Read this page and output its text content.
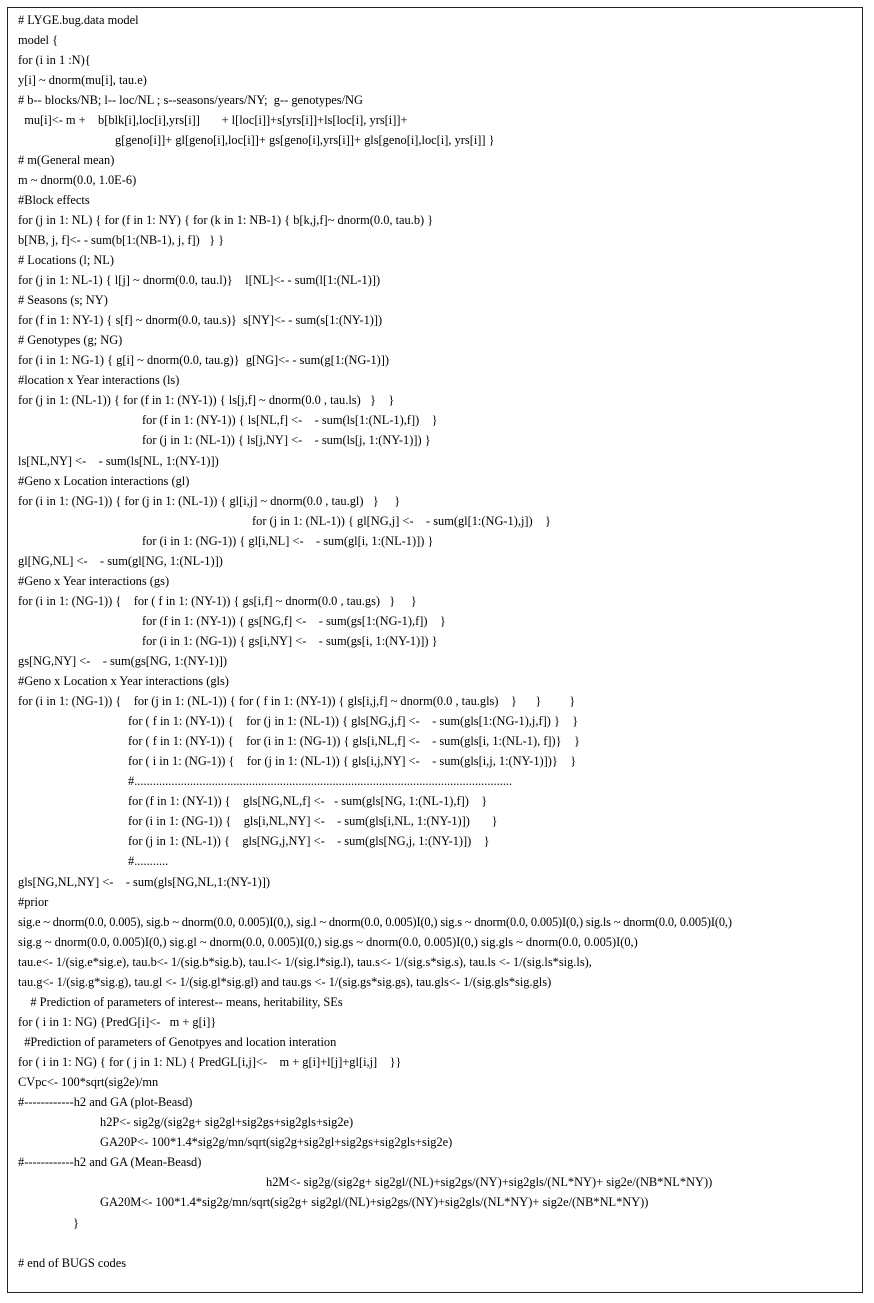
# LYGE.bug.data model
model {
for (i in 1 :N){
y[i] ~ dnorm(mu[i], tau.e)
# b-- blocks/NB; l-- loc/NL ; s--seasons/years/NY;  g-- genotypes/NG
mu[i]<- m +    b[blk[i],loc[i],yrs[i]]       + l[loc[i]]+s[yrs[i]]+ls[loc[i], yrs[i]]+
g[geno[i]]+ gl[geno[i],loc[i]]+ gs[geno[i],yrs[i]]+ gls[geno[i],loc[i], yrs[i]] }
# m(General mean)
m ~ dnorm(0.0, 1.0E-6)
#Block effects
for (j in 1: NL) { for (f in 1: NY) { for (k in 1: NB-1) { b[k,j,f]~ dnorm(0.0, tau.b) }
b[NB, j, f]<- - sum(b[1:(NB-1), j, f])   } }
# Locations (l; NL)
for (j in 1: NL-1) { l[j] ~ dnorm(0.0, tau.l)}    l[NL]<- - sum(l[1:(NL-1)])
# Seasons (s; NY)
for (f in 1: NY-1) { s[f] ~ dnorm(0.0, tau.s)}  s[NY]<- - sum(s[1:(NY-1)])
# Genotypes (g; NG)
for (i in 1: NG-1) { g[i] ~ dnorm(0.0, tau.g)}  g[NG]<- - sum(g[1:(NG-1)])
#location x Year interactions (ls)
for (j in 1: (NL-1)) { for (f in 1: (NY-1)) { ls[j,f] ~ dnorm(0.0 , tau.ls)   }    }
for (f in 1: (NY-1)) { ls[NL,f] <-    - sum(ls[1:(NL-1),f])    }
for (j in 1: (NL-1)) { ls[j,NY] <-    - sum(ls[j, 1:(NY-1)]) }
ls[NL,NY] <-    - sum(ls[NL, 1:(NY-1)])
#Geno x Location interactions (gl)
for (i in 1: (NG-1)) { for (j in 1: (NL-1)) { gl[i,j] ~ dnorm(0.0 , tau.gl)   }     }
for (j in 1: (NL-1)) { gl[NG,j] <-    - sum(gl[1:(NG-1),j])    }
for (i in 1: (NG-1)) { gl[i,NL] <-    - sum(gl[i, 1:(NL-1)]) }
gl[NG,NL] <-    - sum(gl[NG, 1:(NL-1)])
#Geno x Year interactions (gs)
for (i in 1: (NG-1)) {    for ( f in 1: (NY-1)) { gs[i,f] ~ dnorm(0.0 , tau.gs)   }     }
for (f in 1: (NY-1)) { gs[NG,f] <-    - sum(gs[1:(NG-1),f])    }
for (i in 1: (NG-1)) { gs[i,NY] <-    - sum(gs[i, 1:(NY-1)]) }
gs[NG,NY] <-    - sum(gs[NG, 1:(NY-1)])
#Geno x Location x Year interactions (gls)
for (i in 1: (NG-1)) {    for (j in 1: (NL-1)) { for ( f in 1: (NY-1)) { gls[i,j,f] ~ dnorm(0.0 , tau.gls)    }      }         }
for ( f in 1: (NY-1)) {    for (j in 1: (NL-1)) { gls[NG,j,f] <-    - sum(gls[1:(NG-1),j,f]) }    }
for ( f in 1: (NY-1)) {    for (i in 1: (NG-1)) { gls[i,NL,f] <-    - sum(gls[i, 1:(NL-1), f])}    }
for ( i in 1: (NG-1)) {    for (j in 1: (NL-1)) { gls[i,j,NY] <-    - sum(gls[i,j, 1:(NY-1)])}    }
#..........................................................................................................................
for (f in 1: (NY-1)) {    gls[NG,NL,f] <-   - sum(gls[NG, 1:(NL-1),f])    }
for (i in 1: (NG-1)) {    gls[i,NL,NY] <-    - sum(gls[i,NL, 1:(NY-1)])       }
for (j in 1: (NL-1)) {    gls[NG,j,NY] <-    - sum(gls[NG,j, 1:(NY-1)])    }
#...........
gls[NG,NL,NY] <-    - sum(gls[NG,NL,1:(NY-1)])
#prior
sig.e ~ dnorm(0.0, 0.005), sig.b ~ dnorm(0.0, 0.005)I(0,), sig.l ~ dnorm(0.0, 0.005)I(0,) sig.s ~ dnorm(0.0, 0.005)I(0,) sig.ls ~ dnorm(0.0, 0.005)I(0,)
sig.g ~ dnorm(0.0, 0.005)I(0,) sig.gl ~ dnorm(0.0, 0.005)I(0,) sig.gs ~ dnorm(0.0, 0.005)I(0,) sig.gls ~ dnorm(0.0, 0.005)I(0,)
tau.e<- 1/(sig.e*sig.e), tau.b<- 1/(sig.b*sig.b), tau.l<- 1/(sig.l*sig.l), tau.s<- 1/(sig.s*sig.s), tau.ls <- 1/(sig.ls*sig.ls),
tau.g<- 1/(sig.g*sig.g), tau.gl <- 1/(sig.gl*sig.gl) and tau.gs <- 1/(sig.gs*sig.gs), tau.gls<- 1/(sig.gls*sig.gls)
# Prediction of parameters of interest-- means, heritability, SEs
for ( i in 1: NG) {PredG[i]<-   m + g[i]}
#Prediction of parameters of Genotpyes and location interation
for ( i in 1: NG) { for ( j in 1: NL) { PredGL[i,j]<-    m + g[i]+l[j]+gl[i,j]    }}
CVpc<- 100*sqrt(sig2e)/mn
#------------h2 and GA (plot-Beasd)
h2P<- sig2g/(sig2g+ sig2gl+sig2gs+sig2gls+sig2e)
GA20P<- 100*1.4*sig2g/mn/sqrt(sig2g+sig2gl+sig2gs+sig2gls+sig2e)
#------------h2 and GA (Mean-Beasd)
h2M<- sig2g/(sig2g+ sig2gl/(NL)+sig2gs/(NY)+sig2gls/(NL*NY)+ sig2e/(NB*NL*NY))
GA20M<- 100*1.4*sig2g/mn/sqrt(sig2g+ sig2gl/(NL)+sig2gs/(NY)+sig2gls/(NL*NY)+ sig2e/(NB*NL*NY))
}
# end of BUGS codes
